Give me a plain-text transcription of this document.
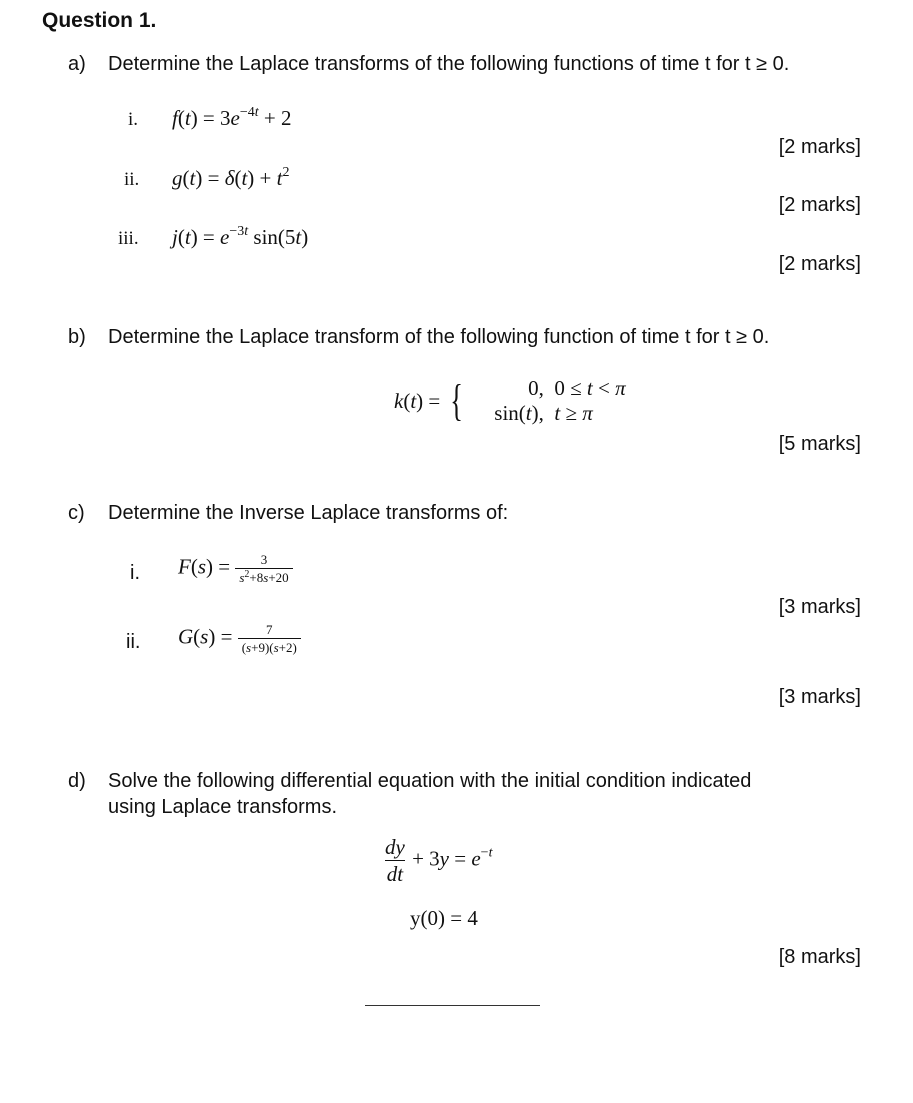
Question 1.
a) Determine the Laplace transforms of the following functions of time t for t ≥ 0.
i. $f(t) = 3e^{-4t} + 2$
[2 marks]
ii. $g(t) = \delta(t) + t^2$
[2 marks]
iii. $j(t) = e^{-3t}$ sin(5t)
[2 marks]
b) Determine the Laplace transform of the following function of time t for t ≥ 0.
k(t) = {	0,  0 ≤ t < π
sin(t), t ≥ π
[5 marks]
c) Determine the Inverse Laplace transforms of:
i. $F(s) = \frac{3}{s^2+8s+20}$
[3 marks]
ii. $G(s) = \frac{7}{(s+9)(s+2)}$
[3 marks]
d) Solve the following differential equation with the initial condition indicated
using Laplace transforms.
$\frac{dy}{dt} + 3y = e^{-t}$
y(0) = 4
[8 marks]
